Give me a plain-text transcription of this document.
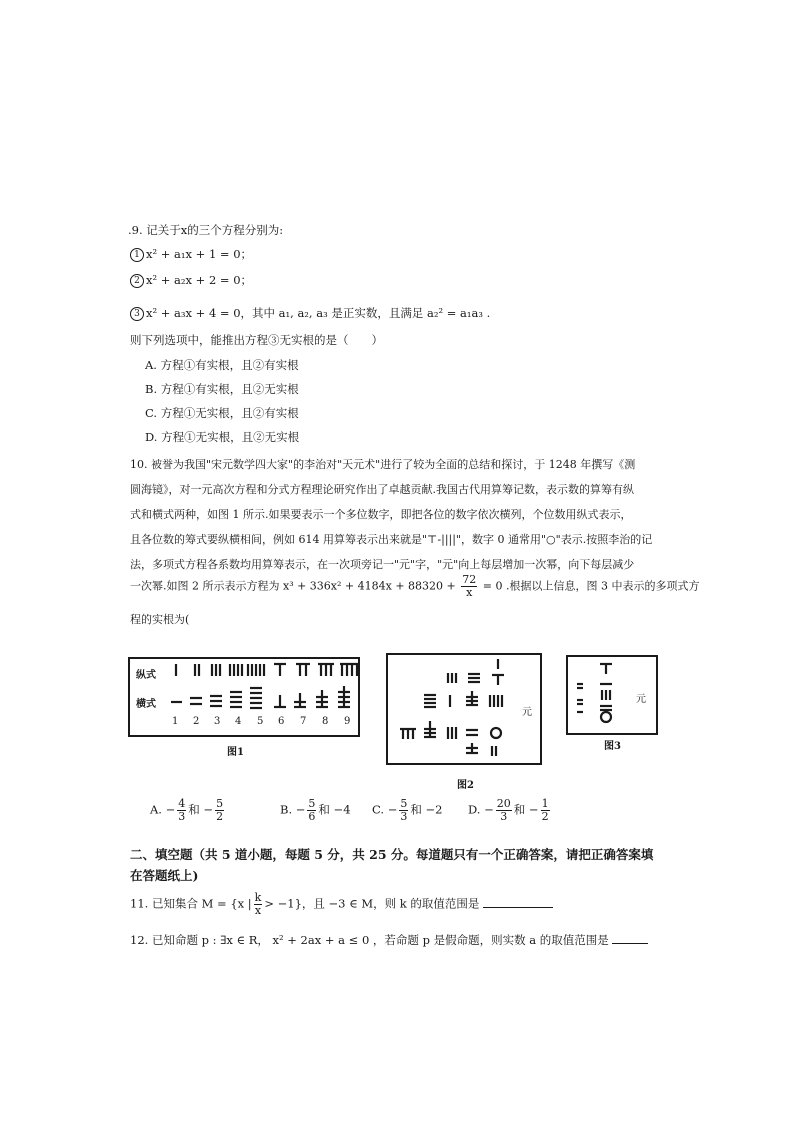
.9. 记关于x的三个方程分别为:
1 x² + a₁x + 1 = 0；
2 x² + a₂x + 2 = 0；
3 x² + a₃x + 4 = 0，其中 a₁, a₂, a₃ 是正实数，且满足 a₂² = a₁a₃ .
则下列选项中，能推出方程③无实根的是（　　）
A. 方程①有实根，且②有实根
B. 方程①有实根，且②无实根
C. 方程①无实根，且②有实根
D. 方程①无实根，且②无实根
10. 被誉为我国"宋元数学四大家"的李治对"天元术"进行了较为全面的总结和探讨，于 1248 年撰写《测
圆海镜》，对一元高次方程和分式方程理论研究作出了卓越贡献.我国古代用算筹记数，表示数的算筹有纵
式和横式两种，如图 1 所示.如果要表示一个多位数字，即把各位的数字依次横列，个位数用纵式表示，
且各位数的筹式要纵横相间，例如 614 用算筹表示出来就是"⊤-||||"，数字 0 通常用"○"表示.按照李治的记
法，多项式方程各系数均用算筹表示，在一次项旁记一"元"字，"元"向上每层增加一次幂，向下每层减少
一次幂.如图 2 所示表示方程为 $x^3 + 336x^2 + 4184x + 88320 + \frac{72}{x} = 0$ .根据以上信息，图 3 中表示的多项式方
程的实根为(
纵式
横式
1 2 3 4 5 6 7 8 9
图1
元
图2
元
图3
A. − $\frac{4}{3}$ 和 − $\frac{5}{2}$	B. − $\frac{5}{6}$ 和 −4 C. − $\frac{5}{3}$ 和 −2 D. − $\frac{20}{3}$ 和 − $\frac{1}{2}$
二、填空题（共 5 道小题，每题 5 分，共 25 分。每道题只有一个正确答案，请把正确答案填
在答题纸上)
11. 已知集合 M = {x | $\frac{k}{x} > -1$}，且 −3 ∈ M，则 k 的取值范围是
12. 已知命题 p : ∃x ∈ R， x² + 2ax + a ≤ 0 ，若命题 p 是假命题，则实数 a 的取值范围是
